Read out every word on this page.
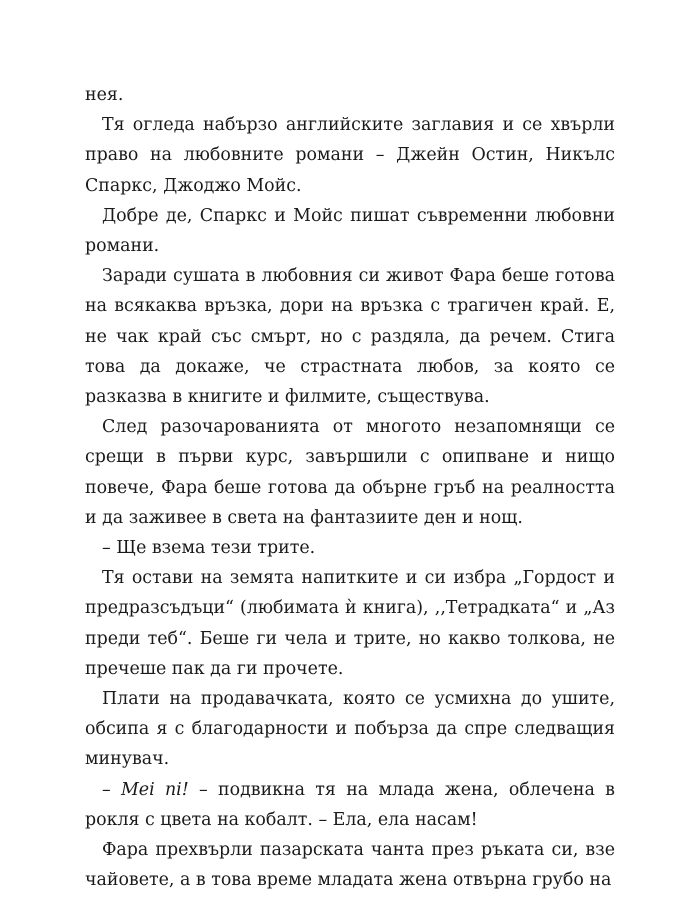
нея.

Тя огледа набързо английските заглавия и се хвърли право на любовните романи – Джейн Остин, Никълс Спаркс, Джоджо Мойс.

Добре де, Спаркс и Мойс пишат съвременни любовни романи.

Заради сушата в любовния си живот Фара беше готова на всякаква връзка, дори на връзка с трагичен край. Е, не чак край със смърт, но с раздяла, да речем. Стига това да докаже, че страстната любов, за която се разказва в книгите и филмите, съществува.

След разочарованията от многото незапомнящи се срещи в първи курс, завършили с опипване и нищо повече, Фара беше готова да обърне гръб на реалността и да заживее в света на фантазиите ден и нощ.

– Ще взема тези трите.

Тя остави на земята напитките и си избра „Гордост и предразсъдъци“ (любимата ѝ книга), ‚‚Тетрадката“ и „Аз преди теб“. Беше ги чела и трите, но какво толкова, не пречеше пак да ги прочете.

Плати на продавачката, която се усмихна до ушите, обсипа я с благодарности и побърза да спре следващия минувач.

– Mei ni! – подвикна тя на млада жена, облечена в рокля с цвета на кобалт. – Ела, ела насам!

Фара прехвърли пазарската чанта през ръката си, взе чайовете, а в това време младата жена отвърна грубо на
